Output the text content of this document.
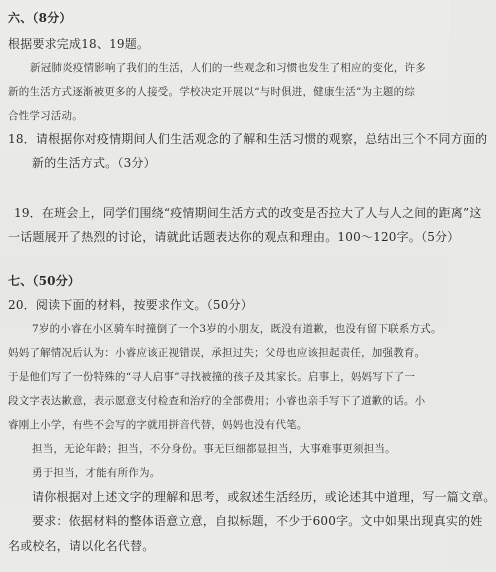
六、（8分）
根据要求完成18、19题。
新冠肺炎疫情影响了我们的生活，人们的一些观念和习惯也发生了相应的变化，许多
新的生活方式逐渐被更多的人接受。学校决定开展以“与时俱进，健康生活”为主题的综
合性学习活动。
18．请根据你对疫情期间人们生活观念的了解和生活习惯的观察，总结出三个不同方面的
新的生活方式。（3分）
19．在班会上，同学们围绕“疫情期间生活方式的改变是否拉大了人与人之间的距离”这
一话题展开了热烈的讨论，请就此话题表达你的观点和理由。100～120字。（5分）
七、（50分）
20．阅读下面的材料，按要求作文。（50分）
7岁的小睿在小区骑车时撞倒了一个3岁的小朋友，既没有道歉，也没有留下联系方式。
妈妈了解情况后认为：小睿应该正视错误，承担过失；父母也应该担起责任，加强教育。
于是他们写了一份特殊的“寻人启事”寻找被撞的孩子及其家长。启事上，妈妈写下了一
段文字表达歉意，表示愿意支付检查和治疗的全部费用；小睿也亲手写下了道歉的话。小
睿刚上小学，有些不会写的字就用拼音代替，妈妈也没有代笔。
担当，无论年龄；担当，不分身份。事无巨细都显担当，大事难事更须担当。
勇于担当，才能有所作为。
请你根据对上述文字的理解和思考，或叙述生活经历，或论述其中道理，写一篇文章。
要求：依据材料的整体语意立意，自拟标题，不少于600字。文中如果出现真实的姓
名或校名，请以化名代替。
